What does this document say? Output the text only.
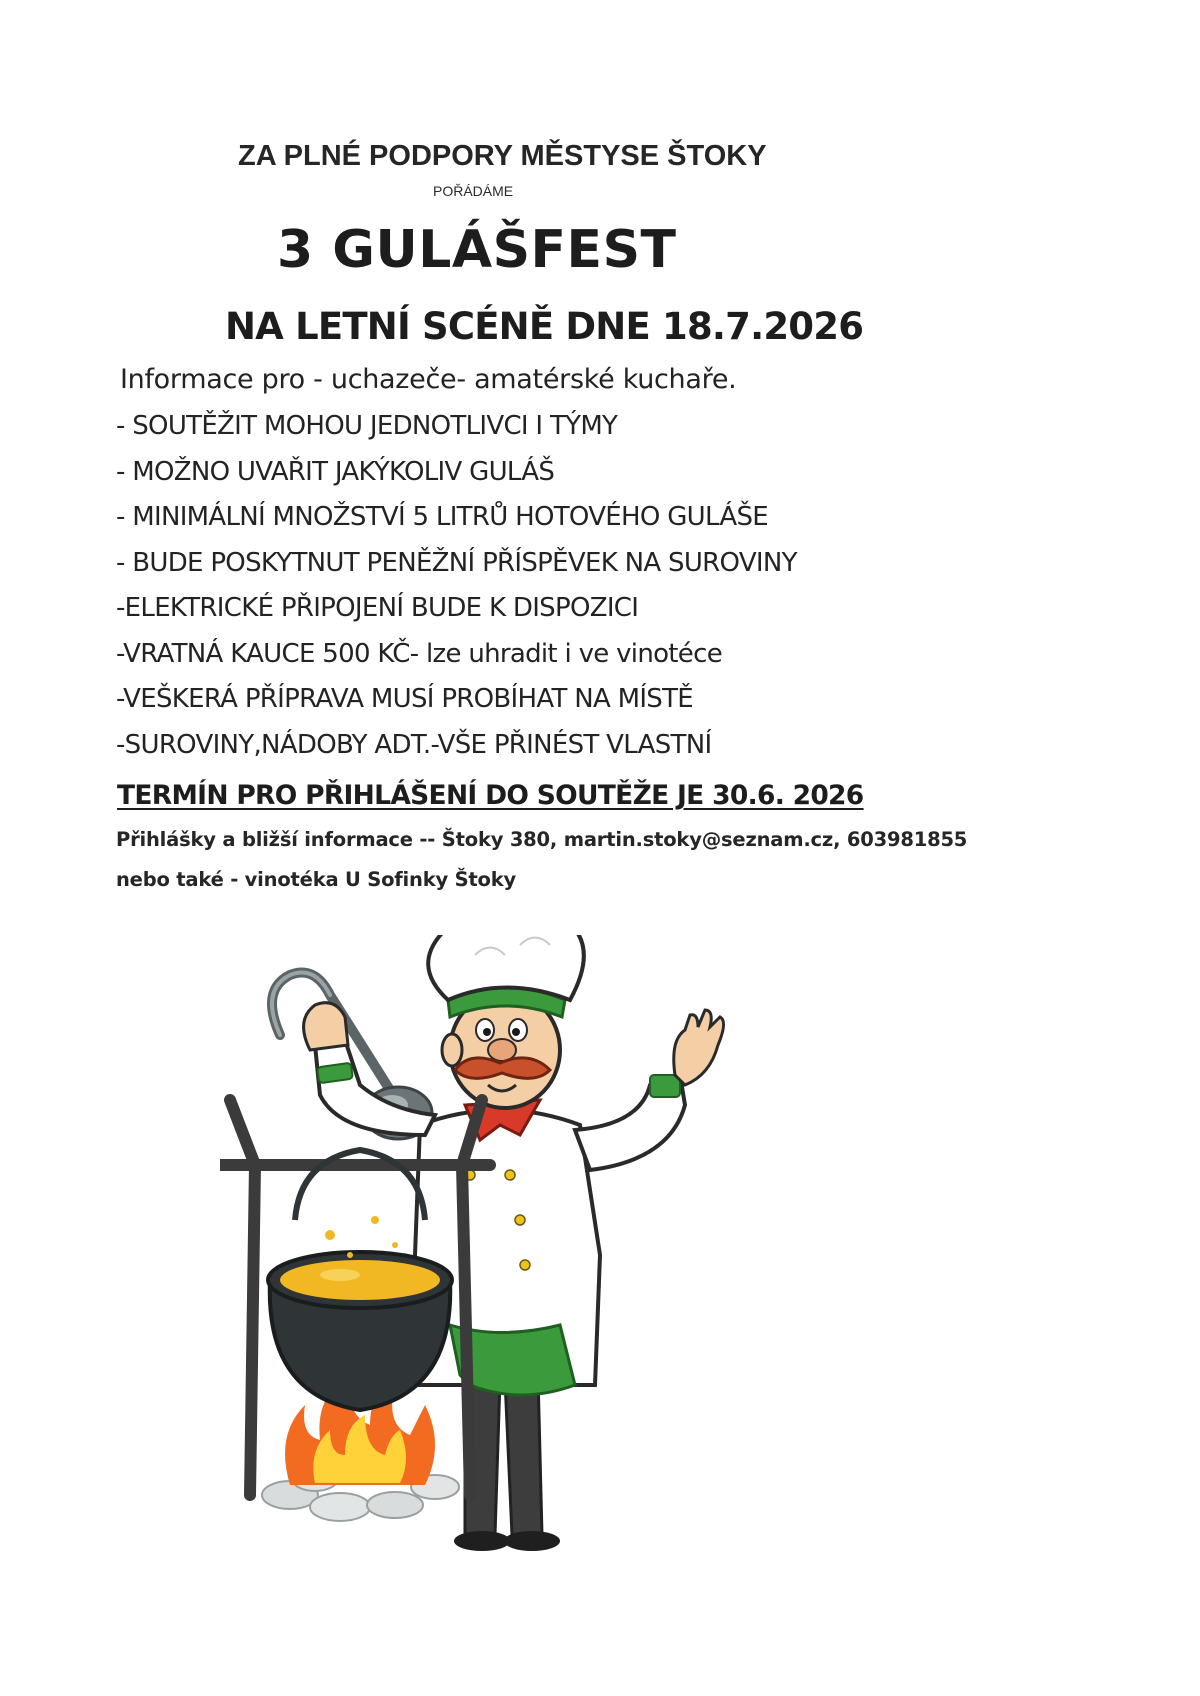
ZA PLNÉ PODPORY MĚSTYSE ŠTOKY

POŘÁDÁME

3 GULÁŠFEST
NA LETNÍ SCÉNĚ DNE 18.7.2026

Informace pro - uchazeče- amatérské kuchaře.

- SOUTĚŽIT MOHOU JEDNOTLIVCI I TÝMY
- MOŽNO UVAŘIT JAKÝKOLIV GULÁŠ
- MINIMÁLNÍ MNOŽSTVÍ 5 LITRŮ HOTOVÉHO GULÁŠE
- BUDE POSKYTNUT PENĚŽNÍ PŘÍSPĚVEK NA SUROVINY
-ELEKTRICKÉ PŘIPOJENÍ BUDE K DISPOZICI
-VRATNÁ KAUCE 500 KČ- lze uhradit i ve vinotéce
-VEŠKERÁ PŘÍPRAVA MUSÍ PROBÍHAT NA MÍSTĚ
-SUROVINY,NÁDOBY ADT.-VŠE PŘINÉST VLASTNÍ

TERMÍN PRO PŘIHLÁŠENÍ DO SOUTĚŽE JE 30.6. 2026

Přihlášky a bližší informace -- Štoky 380, martin.stoky@seznam.cz, 603981855

nebo také - vinotéka U Sofinky Štoky
